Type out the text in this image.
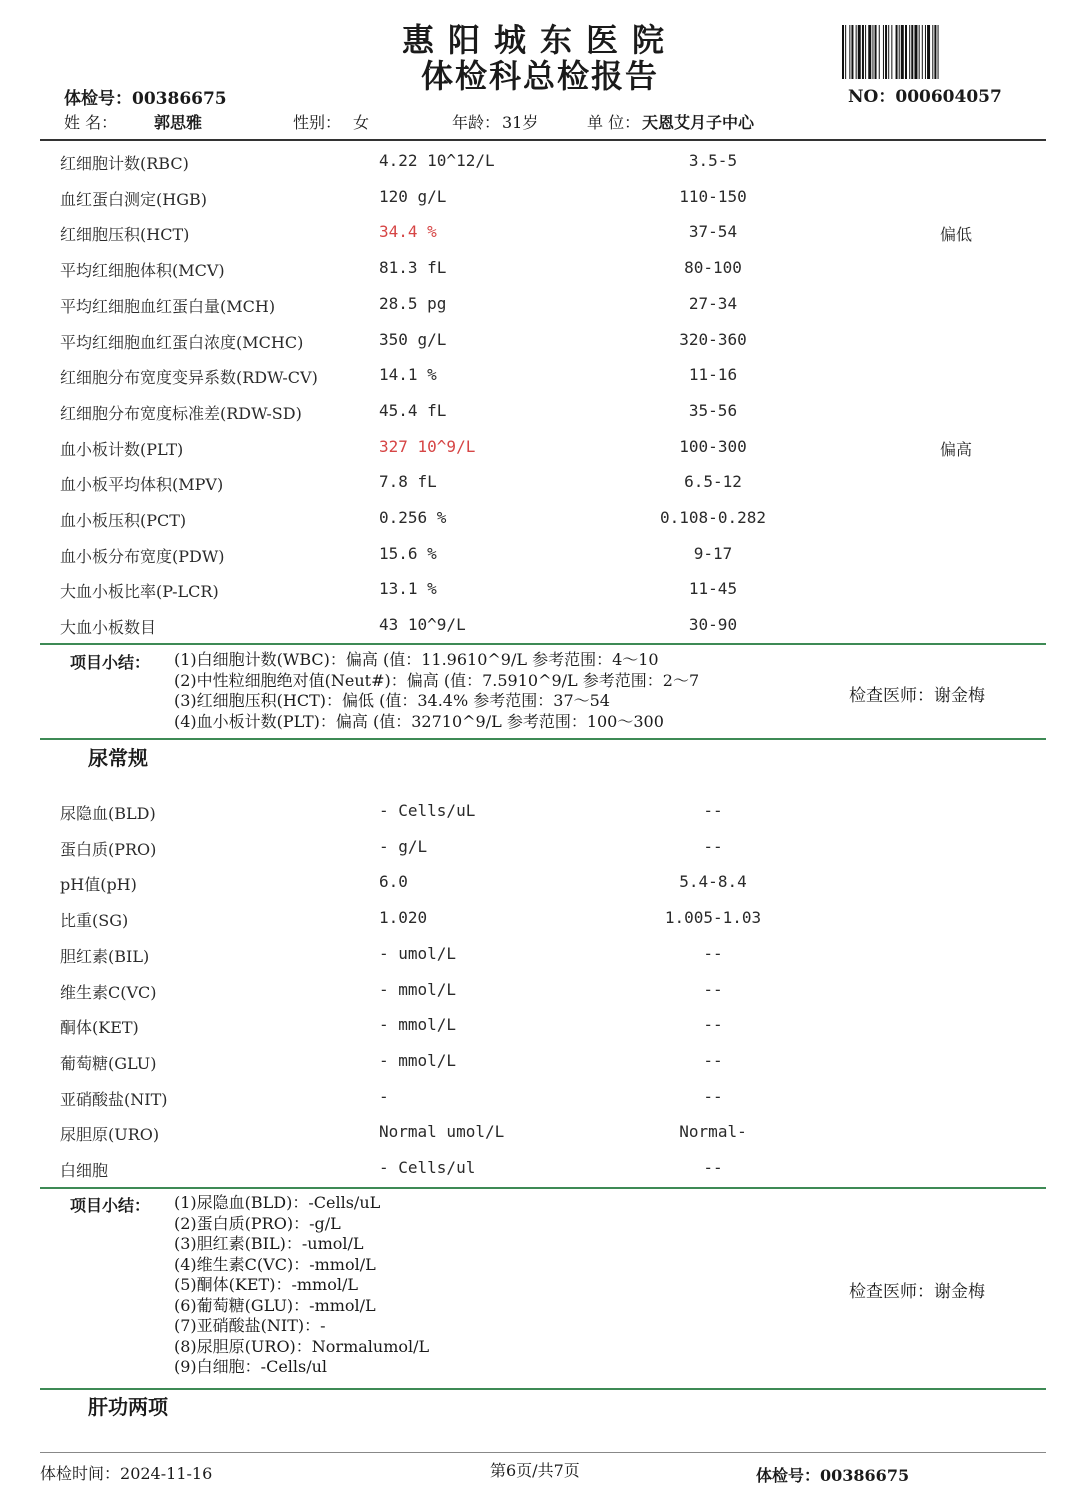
惠阳城东医院
体检科总检报告
体检号：00386675	NO：000604057
姓 名： 郭思雅	性别： 女	年龄： 31岁	单 位： 天恩艾月子中心
红细胞计数(RBC)	4.22 10^12/L	3.5-5
血红蛋白测定(HGB)	120 g/L	110-150
红细胞压积(HCT)	34.4 %	37-54	偏低
平均红细胞体积(MCV)	81.3 fL	80-100
平均红细胞血红蛋白量(MCH)	28.5 pg	27-34
平均红细胞血红蛋白浓度(MCHC)	350 g/L	320-360
红细胞分布宽度变异系数(RDW-CV)	14.1 %	11-16
红细胞分布宽度标准差(RDW-SD)	45.4 fL	35-56
血小板计数(PLT)	327 10^9/L	100-300	偏高
血小板平均体积(MPV)	7.8 fL	6.5-12
血小板压积(PCT)	0.256 %	0.108-0.282
血小板分布宽度(PDW)	15.6 %	9-17
大血小板比率(P-LCR)	13.1 %	11-45
大血小板数目	43 10^9/L	30-90
项目小结： (1)白细胞计数(WBC)：偏高 (值：11.9610^9/L 参考范围：4～10
(2)中性粒细胞绝对值(Neut#)：偏高 (值：7.5910^9/L 参考范围：2～7
(3)红细胞压积(HCT)：偏低 (值：34.4% 参考范围：37～54
(4)血小板计数(PLT)：偏高 (值：32710^9/L 参考范围：100～300
检查医师：谢金梅
尿常规
尿隐血(BLD)	- Cells/uL	--
蛋白质(PRO)	- g/L	--
pH值(pH)	6.0	5.4-8.4
比重(SG)	1.020	1.005-1.03
胆红素(BIL)	- umol/L	--
维生素C(VC)	- mmol/L	--
酮体(KET)	- mmol/L	--
葡萄糖(GLU)	- mmol/L	--
亚硝酸盐(NIT)	-	--
尿胆原(URO)	Normal umol/L	Normal-
白细胞	- Cells/ul	--
项目小结： (1)尿隐血(BLD)：-Cells/uL
(2)蛋白质(PRO)：-g/L
(3)胆红素(BIL)：-umol/L
(4)维生素C(VC)：-mmol/L
(5)酮体(KET)：-mmol/L
(6)葡萄糖(GLU)：-mmol/L
(7)亚硝酸盐(NIT)：-
(8)尿胆原(URO)：Normalumol/L
(9)白细胞：-Cells/ul
检查医师：谢金梅
肝功两项
体检时间：2024-11-16	第6页/共7页	体检号：00386675
